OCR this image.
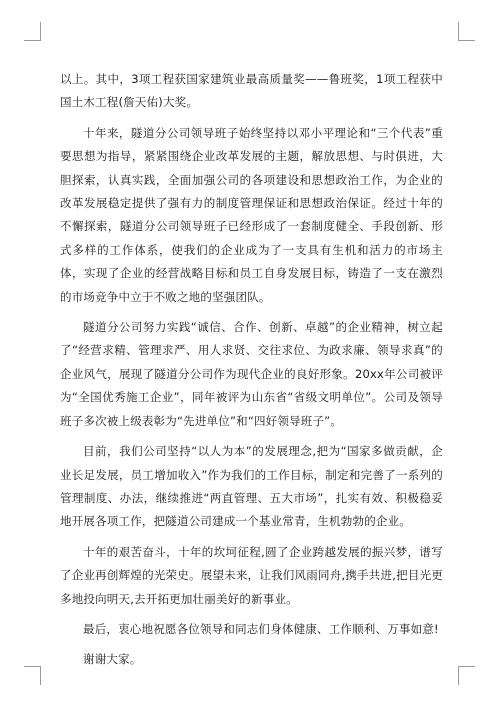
以上。其中，3项工程获国家建筑业最高质量奖——鲁班奖，1项工程获中国土木工程(詹天佑)大奖。

十年来，隧道分公司领导班子始终坚持以邓小平理论和“三个代表”重要思想为指导，紧紧围绕企业改革发展的主题，解放思想、与时俱进，大胆探索，认真实践，全面加强公司的各项建设和思想政治工作，为企业的改革发展稳定提供了强有力的制度管理保证和思想政治保证。经过十年的不懈探索，隧道分公司领导班子已经形成了一套制度健全、手段创新、形式多样的工作体系，使我们的企业成为了一支具有生机和活力的市场主体，实现了企业的经营战略目标和员工自身发展目标，铸造了一支在激烈的市场竞争中立于不败之地的坚强团队。

隧道分公司努力实践“诚信、合作、创新、卓越”的企业精神，树立起了“经营求精、管理求严、用人求贤、交往求位、为政求廉、领导求真”的企业风气，展现了隧道分公司作为现代企业的良好形象。20xx年公司被评为“全国优秀施工企业”，同年被评为山东省“省级文明单位”。公司及领导班子多次被上级表彰为“先进单位”和“四好领导班子”。

目前，我们公司坚持“以人为本”的发展理念,把为“国家多做贡献，企业长足发展，员工增加收入”作为我们的工作目标，制定和完善了一系列的管理制度、办法，继续推进“两直管理、五大市场”，扎实有效、积极稳妥地开展各项工作，把隧道公司建成一个基业常青，生机勃勃的企业。

十年的艰苦奋斗，十年的坎坷征程,圆了企业跨越发展的振兴梦，谱写了企业再创辉煌的光荣史。展望未来，让我们风雨同舟,携手共进,把目光更多地投向明天,去开拓更加壮丽美好的新事业。

最后，衷心地祝愿各位领导和同志们身体健康、工作顺利、万事如意!

谢谢大家。
